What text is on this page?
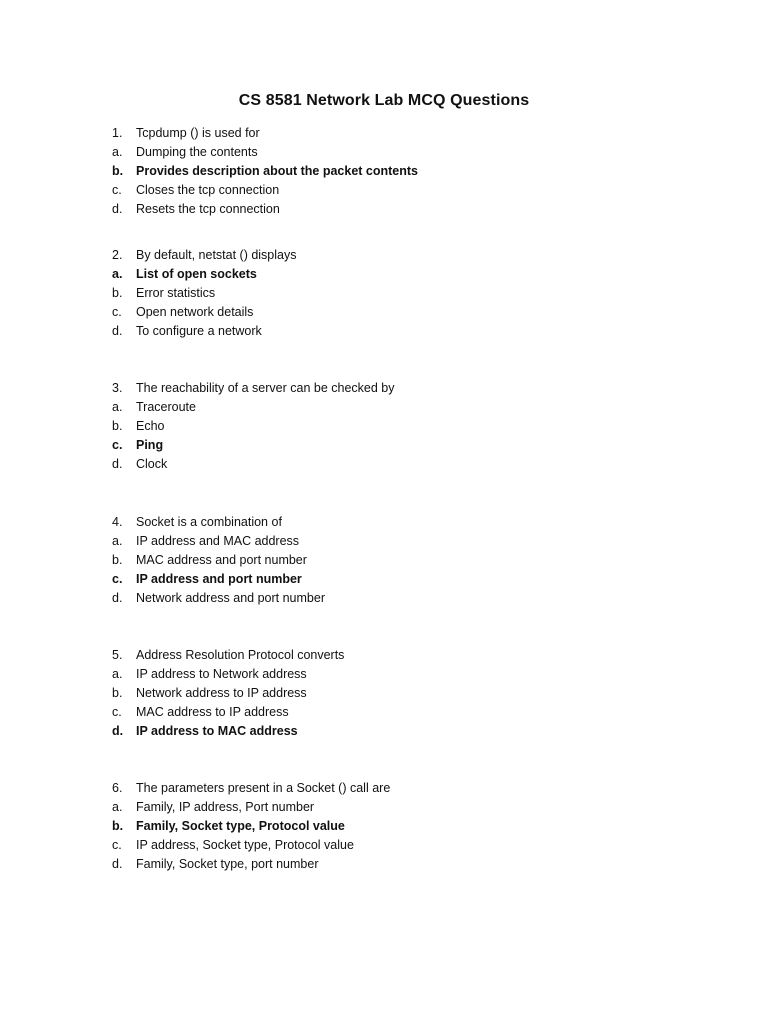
CS 8581 Network Lab MCQ Questions
1.	Tcpdump () is used for
a.	Dumping the contents
b.	Provides description about the packet contents
c.	Closes the tcp connection
d.	Resets the tcp connection
2.	By default, netstat () displays
a.	List of open sockets
b.	Error statistics
c.	Open network details
d.	To configure a network
3.	The reachability of a server can be checked by
a.	Traceroute
b.	Echo
c.	Ping
d.	Clock
4.	Socket is a combination of
a.	IP address and MAC address
b.	MAC address and port number
c.	IP address and port number
d.	Network address and port number
5.	Address Resolution Protocol converts
a.	IP address to Network address
b.	Network address to IP address
c.	MAC address to IP address
d.	IP address to MAC address
6.	The parameters present in a Socket () call are
a.	Family, IP address, Port number
b.	Family, Socket type, Protocol value
c.	IP address, Socket type, Protocol value
d.	Family, Socket type, port number
